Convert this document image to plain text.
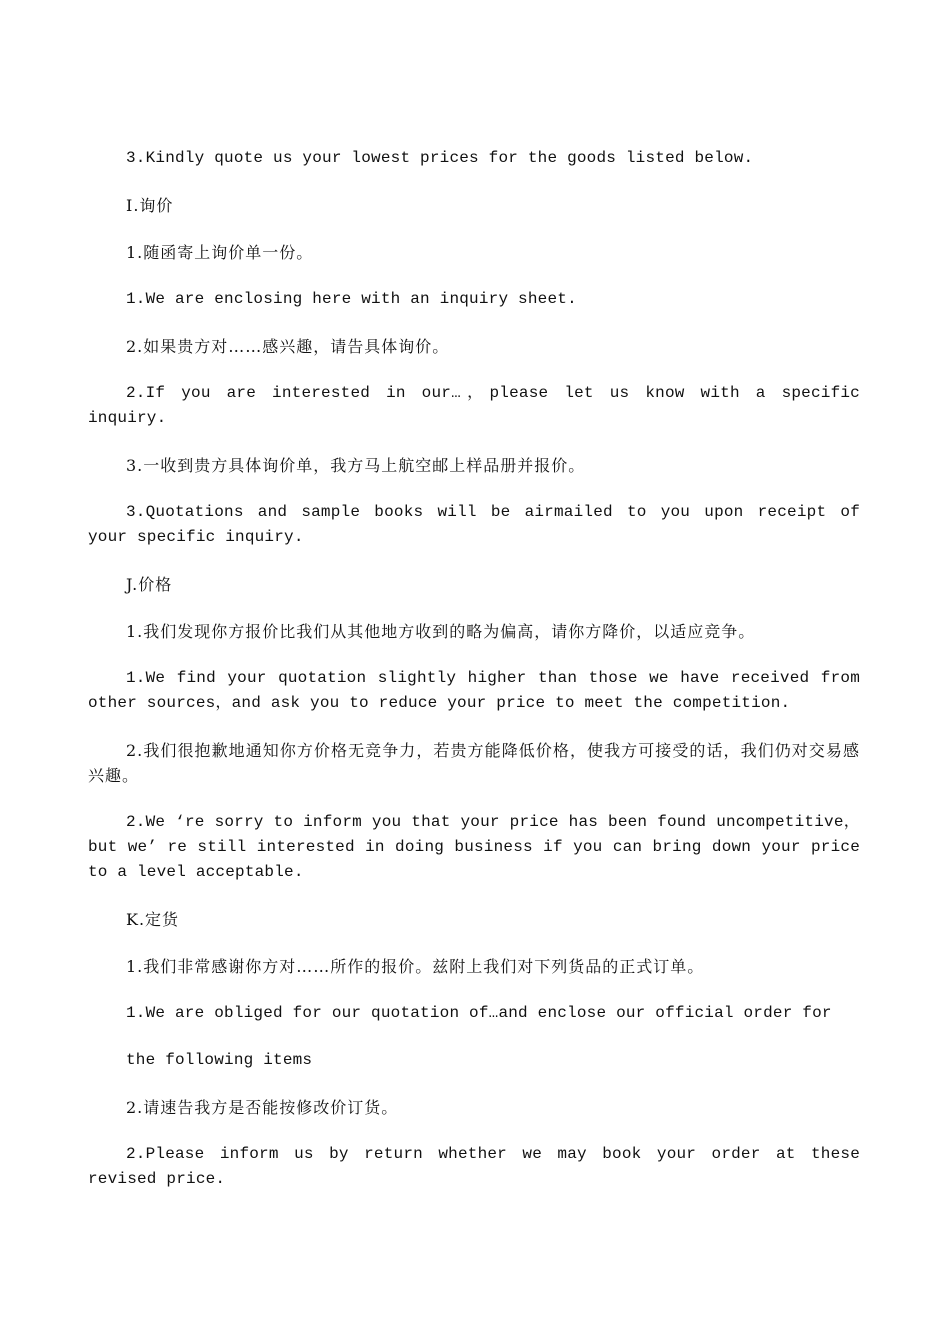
3.Kindly quote us your lowest prices for the goods listed below.

I.询价

1.随函寄上询价单一份。

1.We are enclosing here with an inquiry sheet.

2.如果贵方对……感兴趣，请告具体询价。

2.If you are interested in our…，please let us know with a specific inquiry.

3.一收到贵方具体询价单，我方马上航空邮上样品册并报价。

3.Quotations and sample books will be airmailed to you upon receipt of your specific inquiry.

J.价格

1.我们发现你方报价比我们从其他地方收到的略为偏高，请你方降价，以适应竞争。

1.We find your quotation slightly higher than those we have received from other sources，and ask you to reduce your price to meet the competition.

2.我们很抱歉地通知你方价格无竞争力，若贵方能降低价格，使我方可接受的话，我们仍对交易感兴趣。

2.We ‘re sorry to inform you that your price has been found uncompetitive，but we’ re still interested in doing business if you can bring down your price to a level acceptable.

K.定货

1.我们非常感谢你方对……所作的报价。兹附上我们对下列货品的正式订单。

1.We are obliged for our quotation of…and enclose our official order for

the following items

2.请速告我方是否能按修改价订货。

2.Please inform us by return whether we may book your order at these revised price.
